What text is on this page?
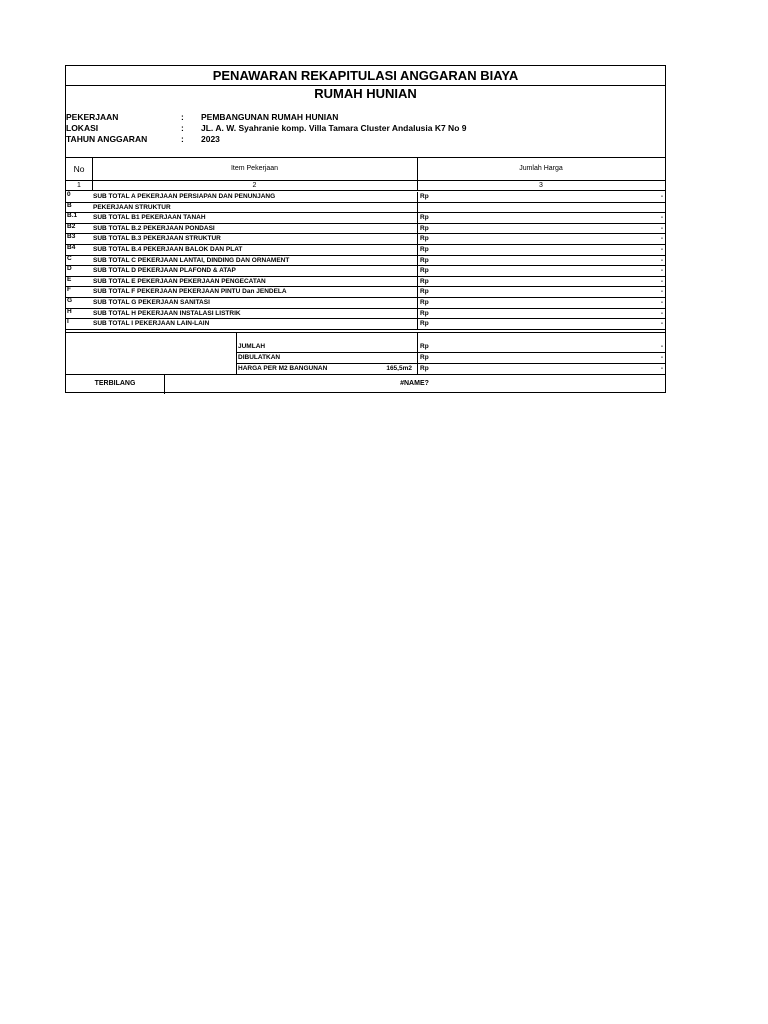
PENAWARAN REKAPITULASI ANGGARAN BIAYA
RUMAH HUNIAN
PEKERJAAN	: PEMBANGUNAN RUMAH HUNIAN
LOKASI	: JL. A. W. Syahranie komp. Villa Tamara Cluster Andalusia K7 No 9
TAHUN ANGGARAN	: 2023
No	Item Pekerjaan	Jumlah Harga
1	2	3
0	SUB TOTAL A PEKERJAAN PERSIAPAN DAN PENUNJANG	Rp	-
B	PEKERJAAN STRUKTUR
B.1	SUB TOTAL B1 PEKERJAAN TANAH	Rp	-
B2	SUB TOTAL B.2 PEKERJAAN PONDASI	Rp	-
B3	SUB TOTAL B.3 PEKERJAAN STRUKTUR	Rp	-
B4	SUB TOTAL B.4 PEKERJAAN BALOK DAN PLAT	Rp	-
C	SUB TOTAL C PEKERJAAN LANTAI, DINDING DAN ORNAMENT	Rp	-
D	SUB TOTAL D PEKERJAAN PLAFOND & ATAP	Rp	-
E	SUB TOTAL E PEKERJAAN PEKERJAAN PENGECATAN	Rp	-
F	SUB TOTAL F PEKERJAAN PEKERJAAN PINTU Dan JENDELA	Rp	-
G	SUB TOTAL G PEKERJAAN SANITASI	Rp	-
H	SUB TOTAL H PEKERJAAN INSTALASI LISTRIK	Rp	-
I	SUB TOTAL I PEKERJAAN LAIN-LAIN	Rp	-
JUMLAH	Rp	-
DIBULATKAN	Rp	-
HARGA PER M2 BANGUNAN	165,5m2 Rp	-
TERBILANG	#NAME?
